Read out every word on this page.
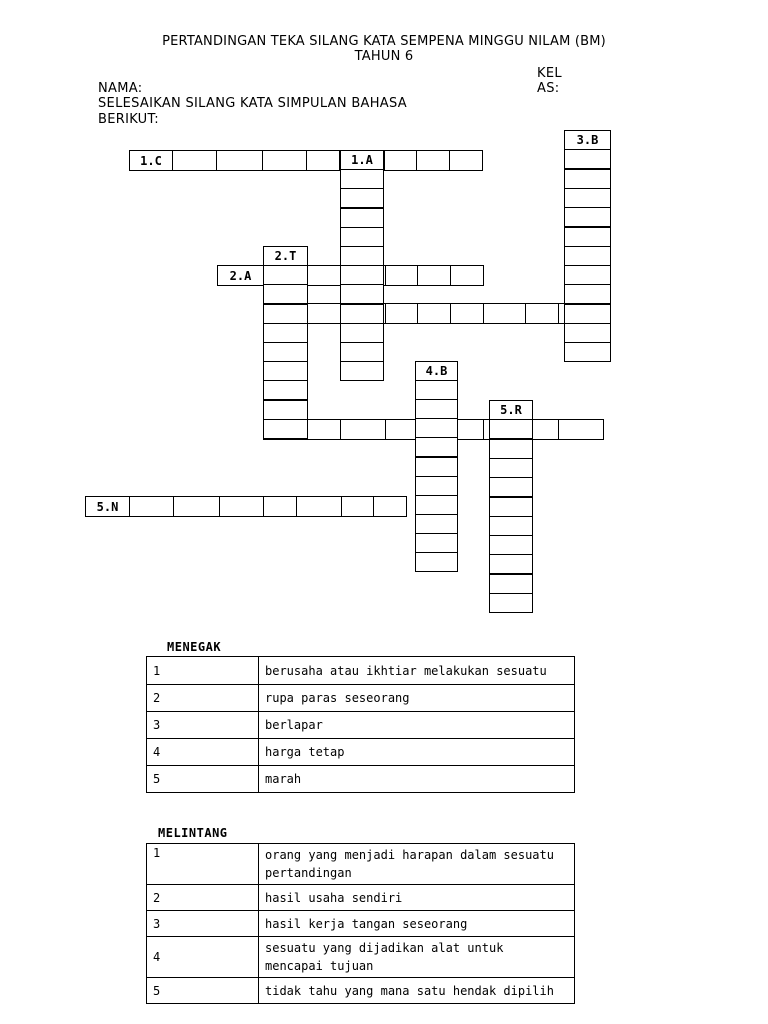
PERTANDINGAN TEKA SILANG KATA SEMPENA MINGGU NILAM (BM)
TAHUN 6
NAMA:
KEL
AS:
SELESAIKAN SILANG KATA SIMPULAN BAHASA
BERIKUT:
1.C
2.A
5.N
1.A
3.B
2.T
4.B
5.R
MENEGAK
1	berusaha atau ikhtiar melakukan sesuatu
2	rupa paras seseorang
3	berlapar
4	harga tetap
5	marah
MELINTANG
1	orang yang menjadi harapan dalam sesuatu pertandingan
2	hasil usaha sendiri
3	hasil kerja tangan seseorang
4	sesuatu yang dijadikan alat untuk mencapai tujuan
5	tidak tahu yang mana satu hendak dipilih
